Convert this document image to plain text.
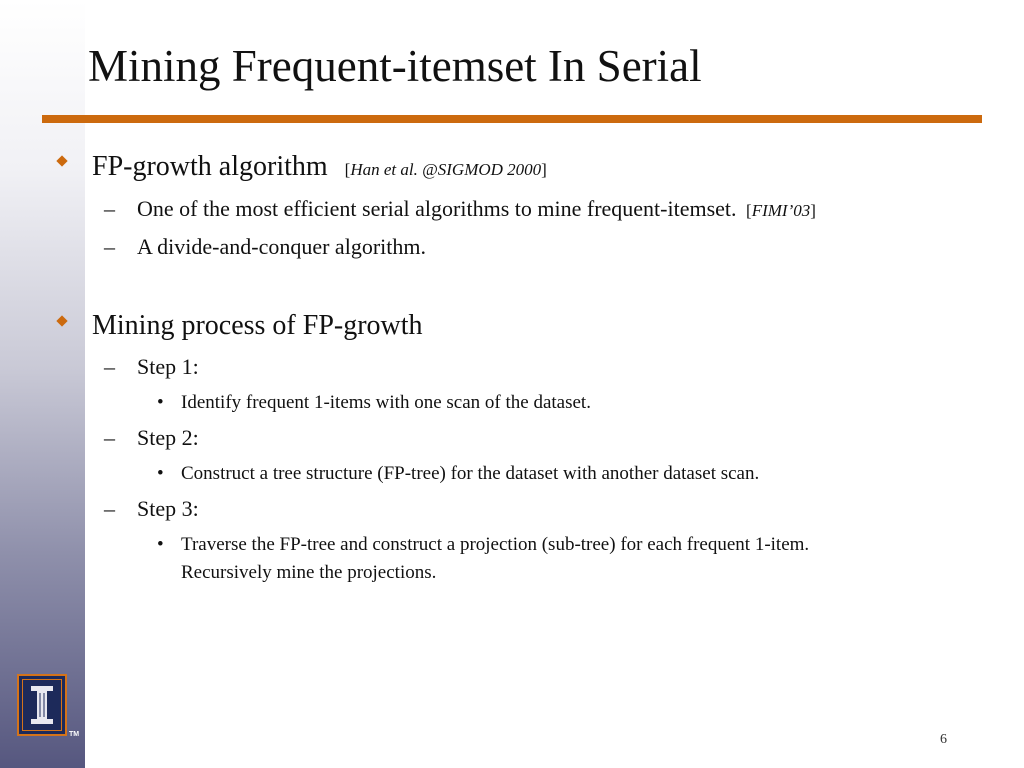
Mining Frequent-itemset In Serial
FP-growth algorithm [Han et al. @SIGMOD 2000]
– One of the most efficient serial algorithms to mine frequent-itemset. [FIMI’03]
– A divide-and-conquer algorithm.
Mining process of FP-growth
– Step 1:
• Identify frequent 1-items with one scan of the dataset.
– Step 2:
• Construct a tree structure (FP-tree) for the dataset with another dataset scan.
– Step 3:
• Traverse the FP-tree and construct a projection (sub-tree) for each frequent 1-item.
Recursively mine the projections.
TM	6
